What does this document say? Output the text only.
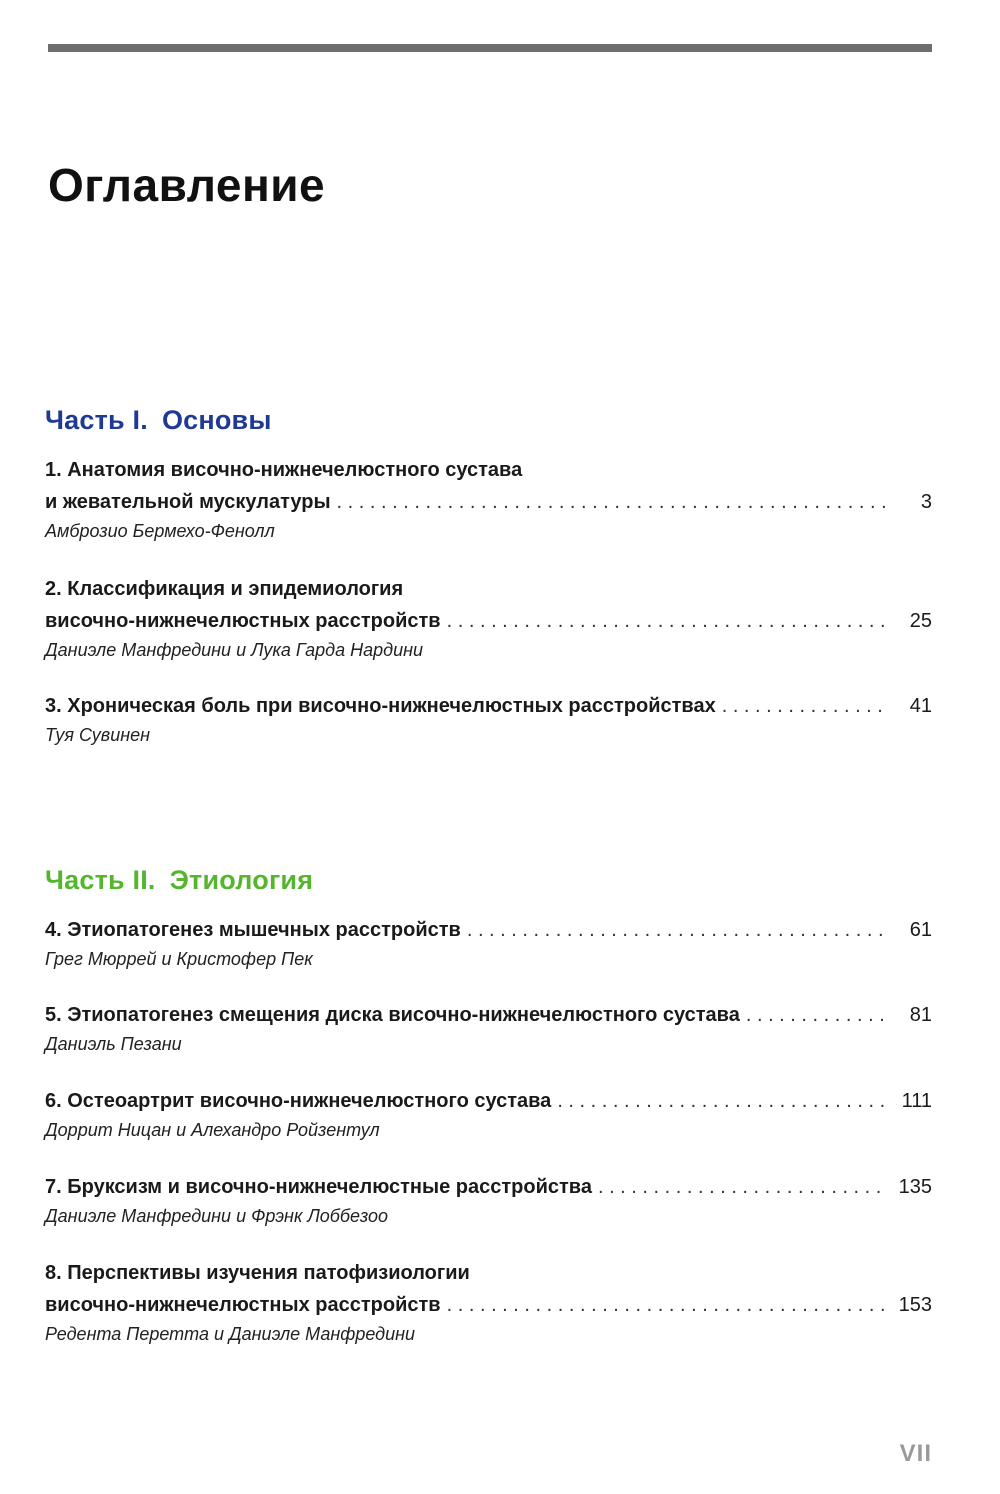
Оглавление
Часть I. Основы
1. Анатомия височно-нижнечелюстного сустава
и жевательной мускулатуры . . .	3
Амброзио Бермехо-Фенолл
2. Классификация и эпидемиология
височно-нижнечелюстных расстройств . . .	25
Даниэле Манфредини и Лука Гарда Нардини
3. Хроническая боль при височно-нижнечелюстных расстройствах . . .	41
Туя Сувинен
Часть II. Этиология
4. Этиопатогенез мышечных расстройств . . .	61
Грег Мюррей и Кристофер Пек
5. Этиопатогенез смещения диска височно-нижнечелюстного сустава . . .	81
Даниэль Пезани
6. Остеоартрит височно-нижнечелюстного сустава . . .	111
Доррит Ницан и Алехандро Ройзентул
7. Бруксизм и височно-нижнечелюстные расстройства . . .	135
Даниэле Манфредини и Фрэнк Лоббезоо
8. Перспективы изучения патофизиологии
височно-нижнечелюстных расстройств . . .	153
Редента Перетта и Даниэле Манфредини
VII
